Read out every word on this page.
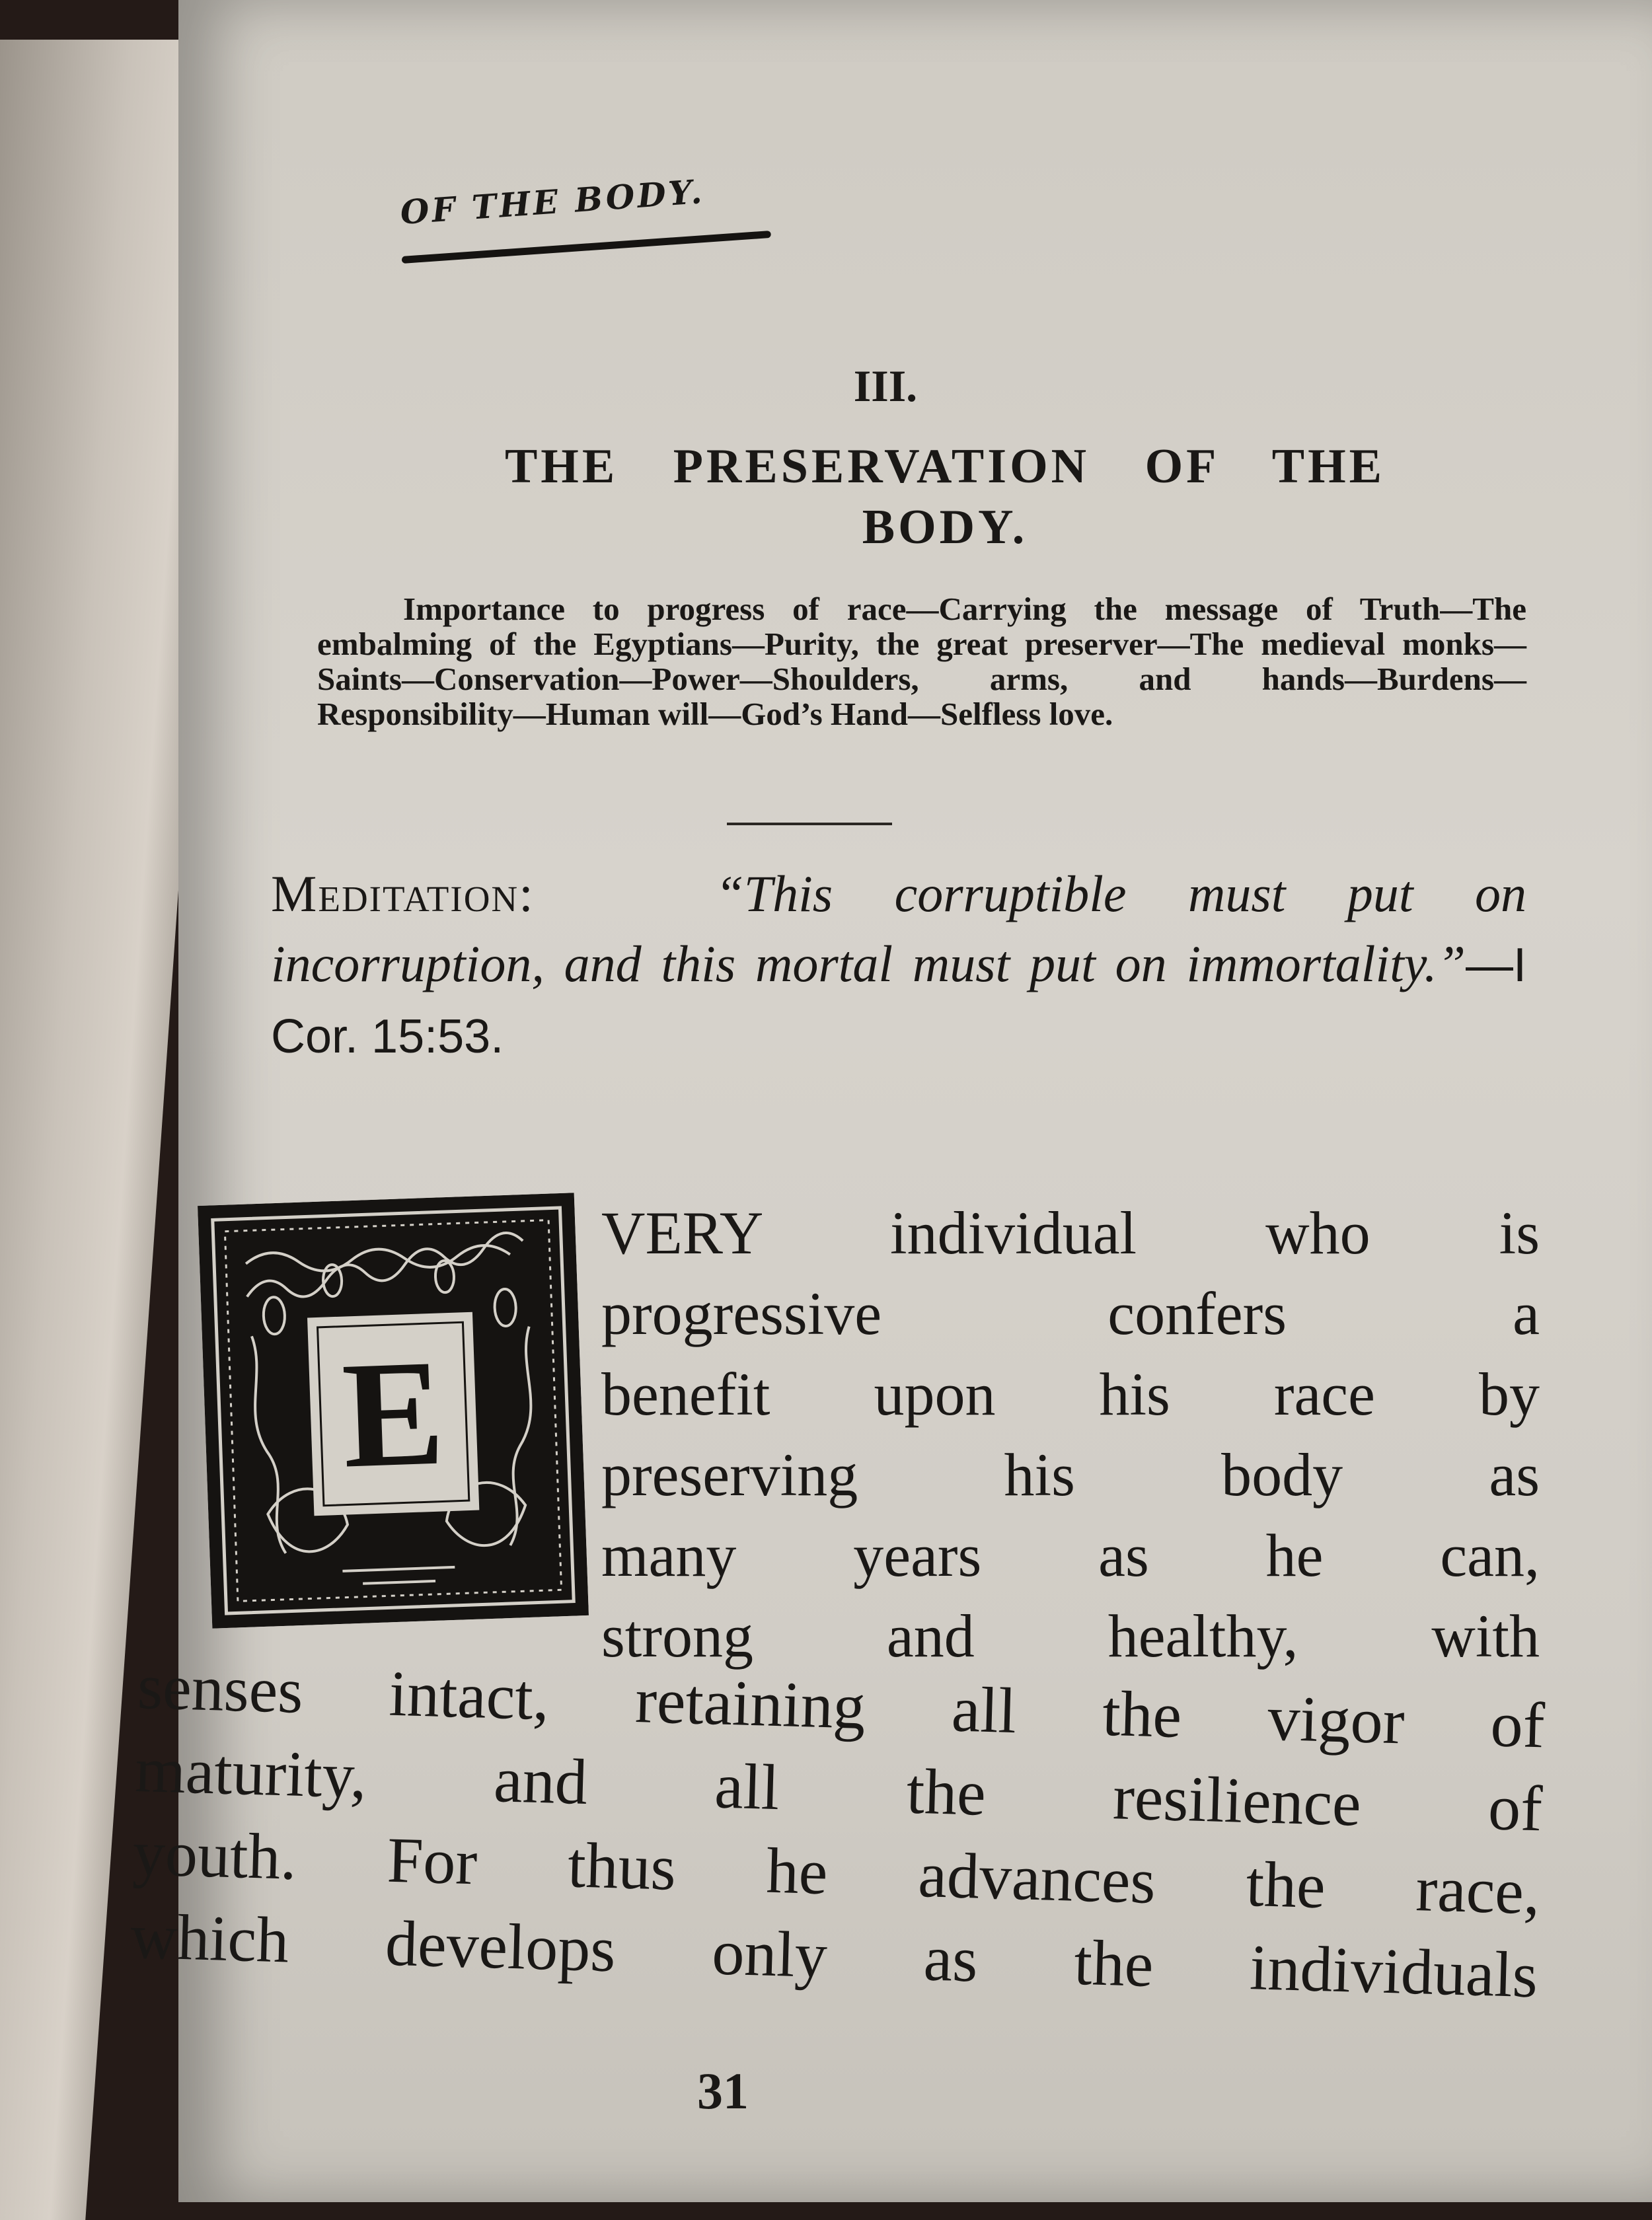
OF THE BODY.
III.
THE PRESERVATION OF THE
BODY.
Importance to progress of race—Carrying the message of Truth—The embalming of the Egyptians—Purity, the great preserver—The medieval monks—Saints—Conservation—Power—Shoulders, arms, and hands—Burdens—Responsibility—Human will—God’s Hand—Selfless love.
Meditation:	“This corruptible must put on incorruption, and this mortal must put on immortality.”—I Cor. 15:53.
E
VERY individual who is
progressive confers a
benefit upon his race by
preserving his body as
many years as he can,
strong and healthy, with
senses intact, retaining all the vigor of
maturity, and all the resilience of
youth. For thus he advances the race,
which develops only as the individuals
31
